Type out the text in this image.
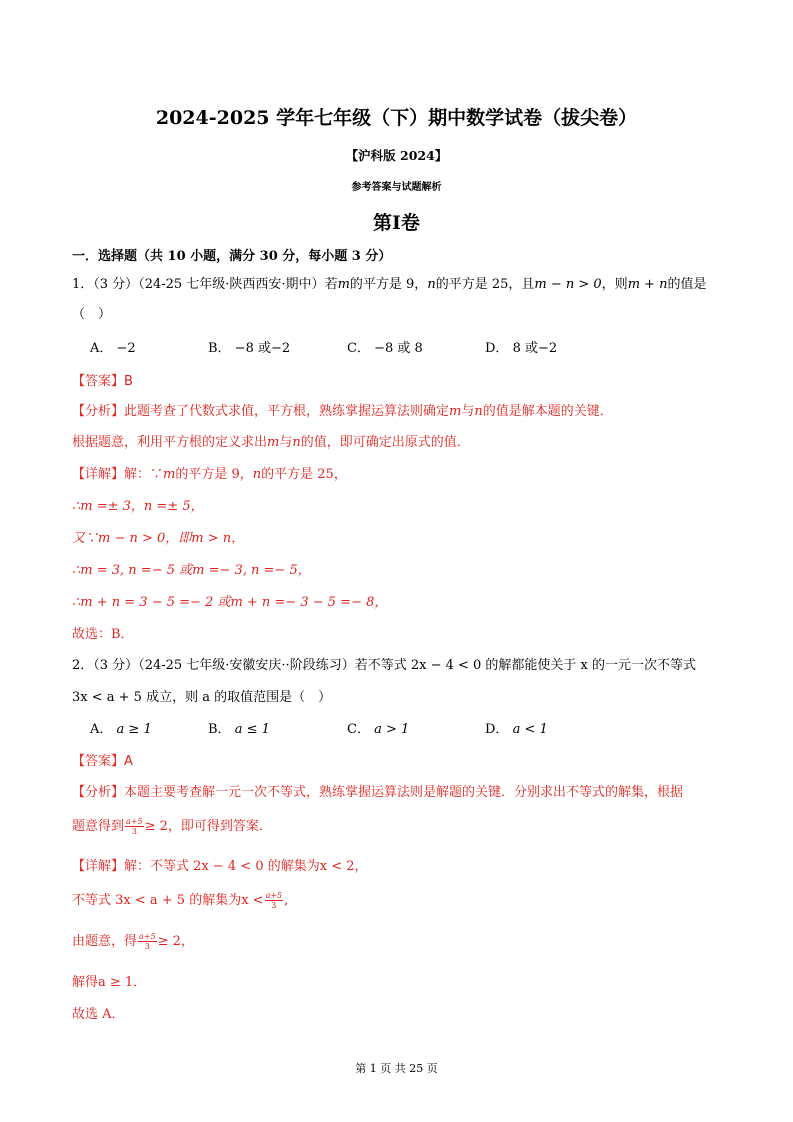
2024-2025 学年七年级（下）期中数学试卷（拔尖卷）
【沪科版 2024】
参考答案与试题解析
第Ⅰ卷
一．选择题（共 10 小题，满分 30 分，每小题 3 分）
1．（3 分）（24-25 七年级·陕西西安·期中）若m的平方是 9，n的平方是 25，且m − n > 0，则m + n的值是
（　）
A． −2	B． −8 或−2	C． −8 或 8	D． 8 或−2
【答案】B
【分析】此题考查了代数式求值，平方根，熟练掌握运算法则确定m与n的值是解本题的关键．
根据题意，利用平方根的定义求出m与n的值，即可确定出原式的值．
【详解】解：∵m的平方是 9，n的平方是 25，
∴m =± 3，n =± 5，
又∵m − n > 0，即m > n，
∴m = 3, n =− 5 或m =− 3, n =− 5，
∴m + n = 3 − 5 =− 2 或m + n =− 3 − 5 =− 8，
故选：B．
2．（3 分）（24-25 七年级·安徽安庆··阶段练习）若不等式 2x − 4 < 0 的解都能使关于 x 的一元一次不等式
3x < a + 5 成立，则 a 的取值范围是（　）
A． a ≥ 1	B． a ≤ 1	C． a > 1	D． a < 1
【答案】A
【分析】本题主要考查解一元一次不等式，熟练掌握运算法则是解题的关键．分别求出不等式的解集，根据
题意得到 $\frac{a+5}{3} \ge 2$，即可得到答案．
【详解】解：不等式 2x − 4 < 0 的解集为x < 2，
不等式 3x < a + 5 的解集为$x < \frac{a+5}{3}$ ,
由题意，得 $\frac{a+5}{3} \ge 2$，
解得a ≥ 1．
故选 A．
第 1 页 共 25 页
